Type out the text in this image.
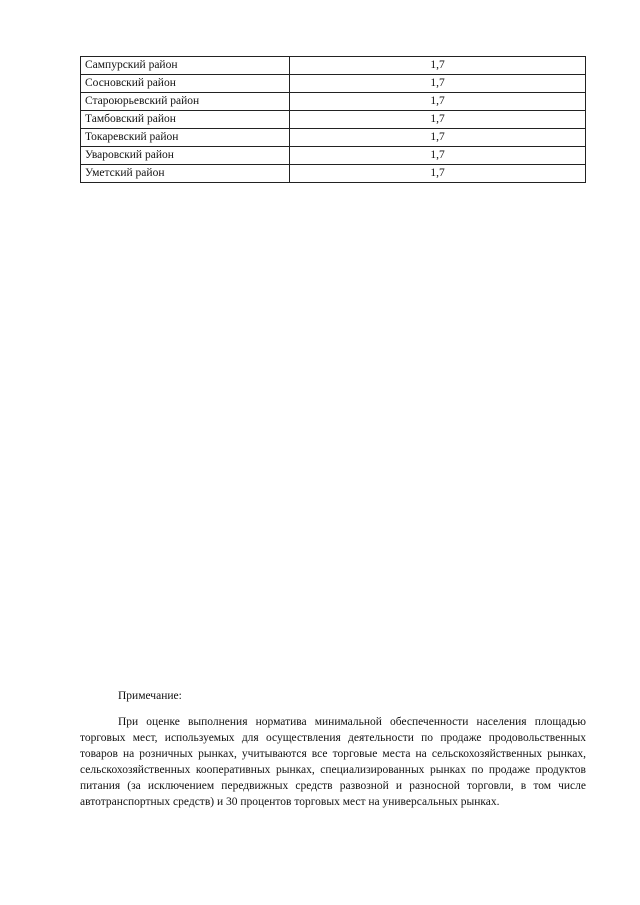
Сампурский район	1,7
Сосновский район	1,7
Староюрьевский район	1,7
Тамбовский район	1,7
Токаревский район	1,7
Уваровский район	1,7
Уметский район	1,7

Примечание:

При оценке выполнения норматива минимальной обеспеченности населения площадью торговых мест, используемых для осуществления деятельности по продаже продовольственных товаров на розничных рынках, учитываются все торговые места на сельскохозяйственных рынках, сельскохозяйственных кооперативных рынках, специализированных рынках по продаже продуктов питания (за исключением передвижных средств развозной и разносной торговли, в том числе автотранспортных средств) и 30 процентов торговых мест на универсальных рынках.
